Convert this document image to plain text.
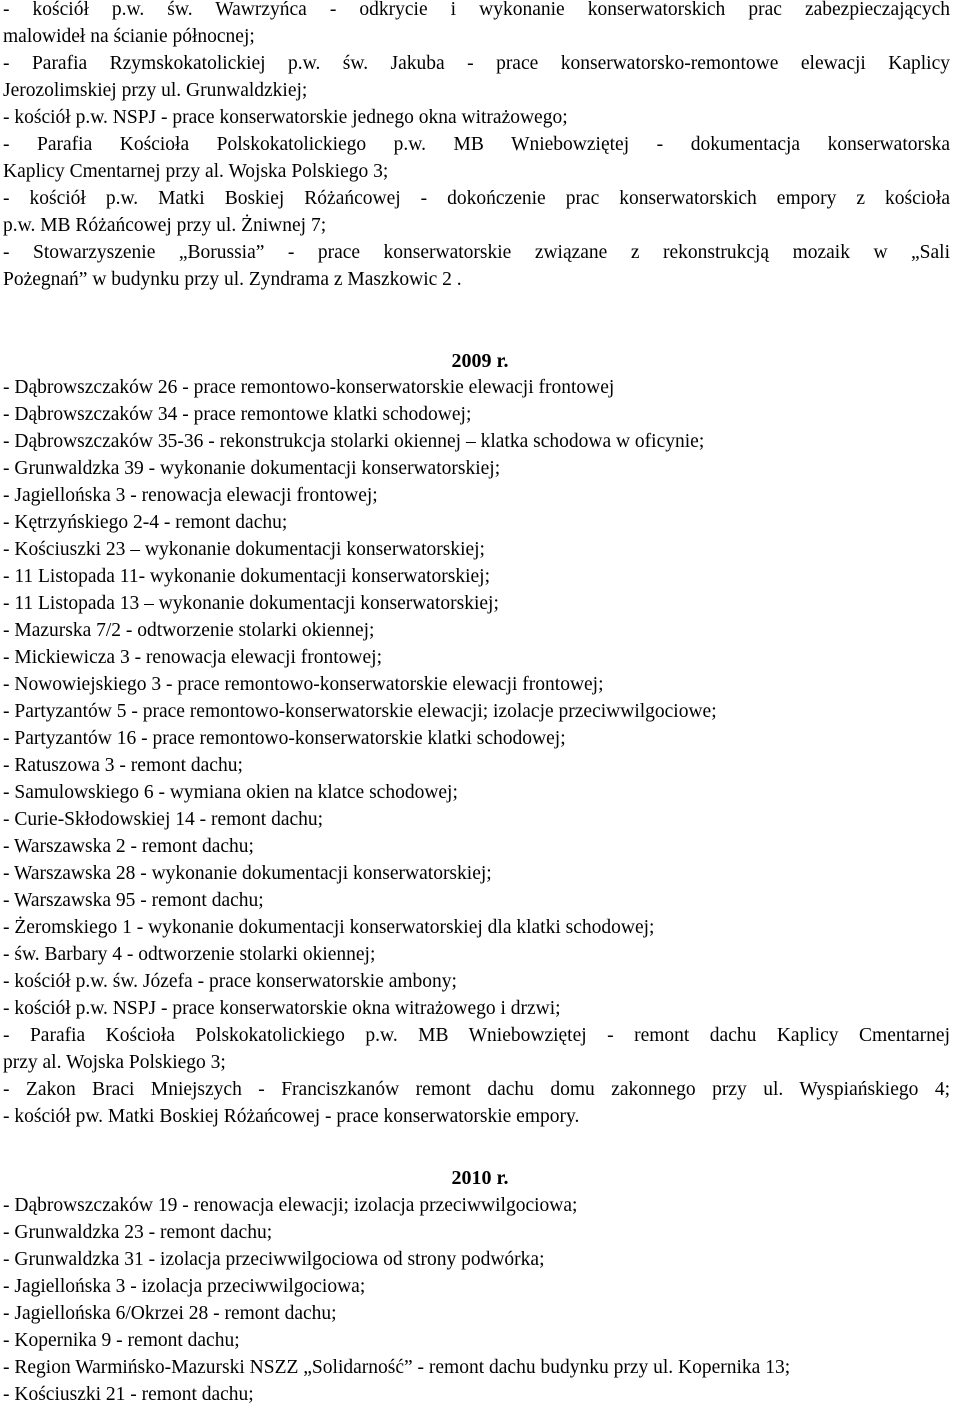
- kościół p.w. św. Wawrzyńca - odkrycie i wykonanie konserwatorskich prac zabezpieczających
malowideł na ścianie północnej;
- Parafia Rzymskokatolickiej p.w. św. Jakuba - prace konserwatorsko-remontowe elewacji Kaplicy
Jerozolimskiej przy ul. Grunwaldzkiej;
- kościół p.w. NSPJ - prace konserwatorskie jednego okna witrażowego;
- Parafia Kościoła Polskokatolickiego p.w. MB Wniebowziętej - dokumentacja konserwatorska
Kaplicy Cmentarnej przy al. Wojska Polskiego 3;
- kościół p.w. Matki Boskiej Różańcowej - dokończenie prac konserwatorskich empory z kościoła
p.w. MB Różańcowej przy ul. Żniwnej 7;
- Stowarzyszenie „Borussia” - prace konserwatorskie związane z rekonstrukcją mozaik w „Sali
Pożegnań” w budynku przy ul. Zyndrama z Maszkowic 2 .
2009 r.
- Dąbrowszczaków 26 - prace remontowo-konserwatorskie elewacji frontowej
- Dąbrowszczaków 34 - prace remontowe klatki schodowej;
- Dąbrowszczaków 35-36 - rekonstrukcja stolarki okiennej – klatka schodowa w oficynie;
- Grunwaldzka 39 - wykonanie dokumentacji konserwatorskiej;
- Jagiellońska 3 - renowacja elewacji frontowej;
- Kętrzyńskiego 2-4 - remont dachu;
- Kościuszki 23 – wykonanie dokumentacji konserwatorskiej;
- 11 Listopada 11- wykonanie dokumentacji konserwatorskiej;
- 11 Listopada 13 – wykonanie dokumentacji konserwatorskiej;
- Mazurska 7/2 - odtworzenie stolarki okiennej;
- Mickiewicza 3 - renowacja elewacji frontowej;
- Nowowiejskiego 3 - prace remontowo-konserwatorskie elewacji frontowej;
- Partyzantów 5 - prace remontowo-konserwatorskie elewacji; izolacje przeciwwilgociowe;
- Partyzantów 16 - prace remontowo-konserwatorskie klatki schodowej;
- Ratuszowa 3 - remont dachu;
- Samulowskiego 6 - wymiana okien na klatce schodowej;
- Curie-Skłodowskiej 14 - remont dachu;
- Warszawska 2 - remont dachu;
- Warszawska 28 - wykonanie dokumentacji konserwatorskiej;
- Warszawska 95 - remont dachu;
- Żeromskiego 1 - wykonanie dokumentacji konserwatorskiej dla klatki schodowej;
- św. Barbary 4 - odtworzenie stolarki okiennej;
- kościół p.w. św. Józefa - prace konserwatorskie ambony;
- kościół p.w. NSPJ - prace konserwatorskie okna witrażowego i drzwi;
- Parafia Kościoła Polskokatolickiego p.w. MB Wniebowziętej - remont dachu Kaplicy Cmentarnej
przy al. Wojska Polskiego 3;
- Zakon Braci Mniejszych - Franciszkanów remont dachu domu zakonnego przy ul. Wyspiańskiego 4;
- kościół pw. Matki Boskiej Różańcowej - prace konserwatorskie empory.
2010 r.
- Dąbrowszczaków 19 - renowacja elewacji; izolacja przeciwwilgociowa;
- Grunwaldzka 23 - remont dachu;
- Grunwaldzka 31 - izolacja przeciwwilgociowa od strony podwórka;
- Jagiellońska 3 - izolacja przeciwwilgociowa;
- Jagiellońska 6/Okrzei 28 - remont dachu;
- Kopernika 9 - remont dachu;
- Region Warmińsko-Mazurski NSZZ „Solidarność” - remont dachu budynku przy ul. Kopernika 13;
- Kościuszki 21 - remont dachu;
